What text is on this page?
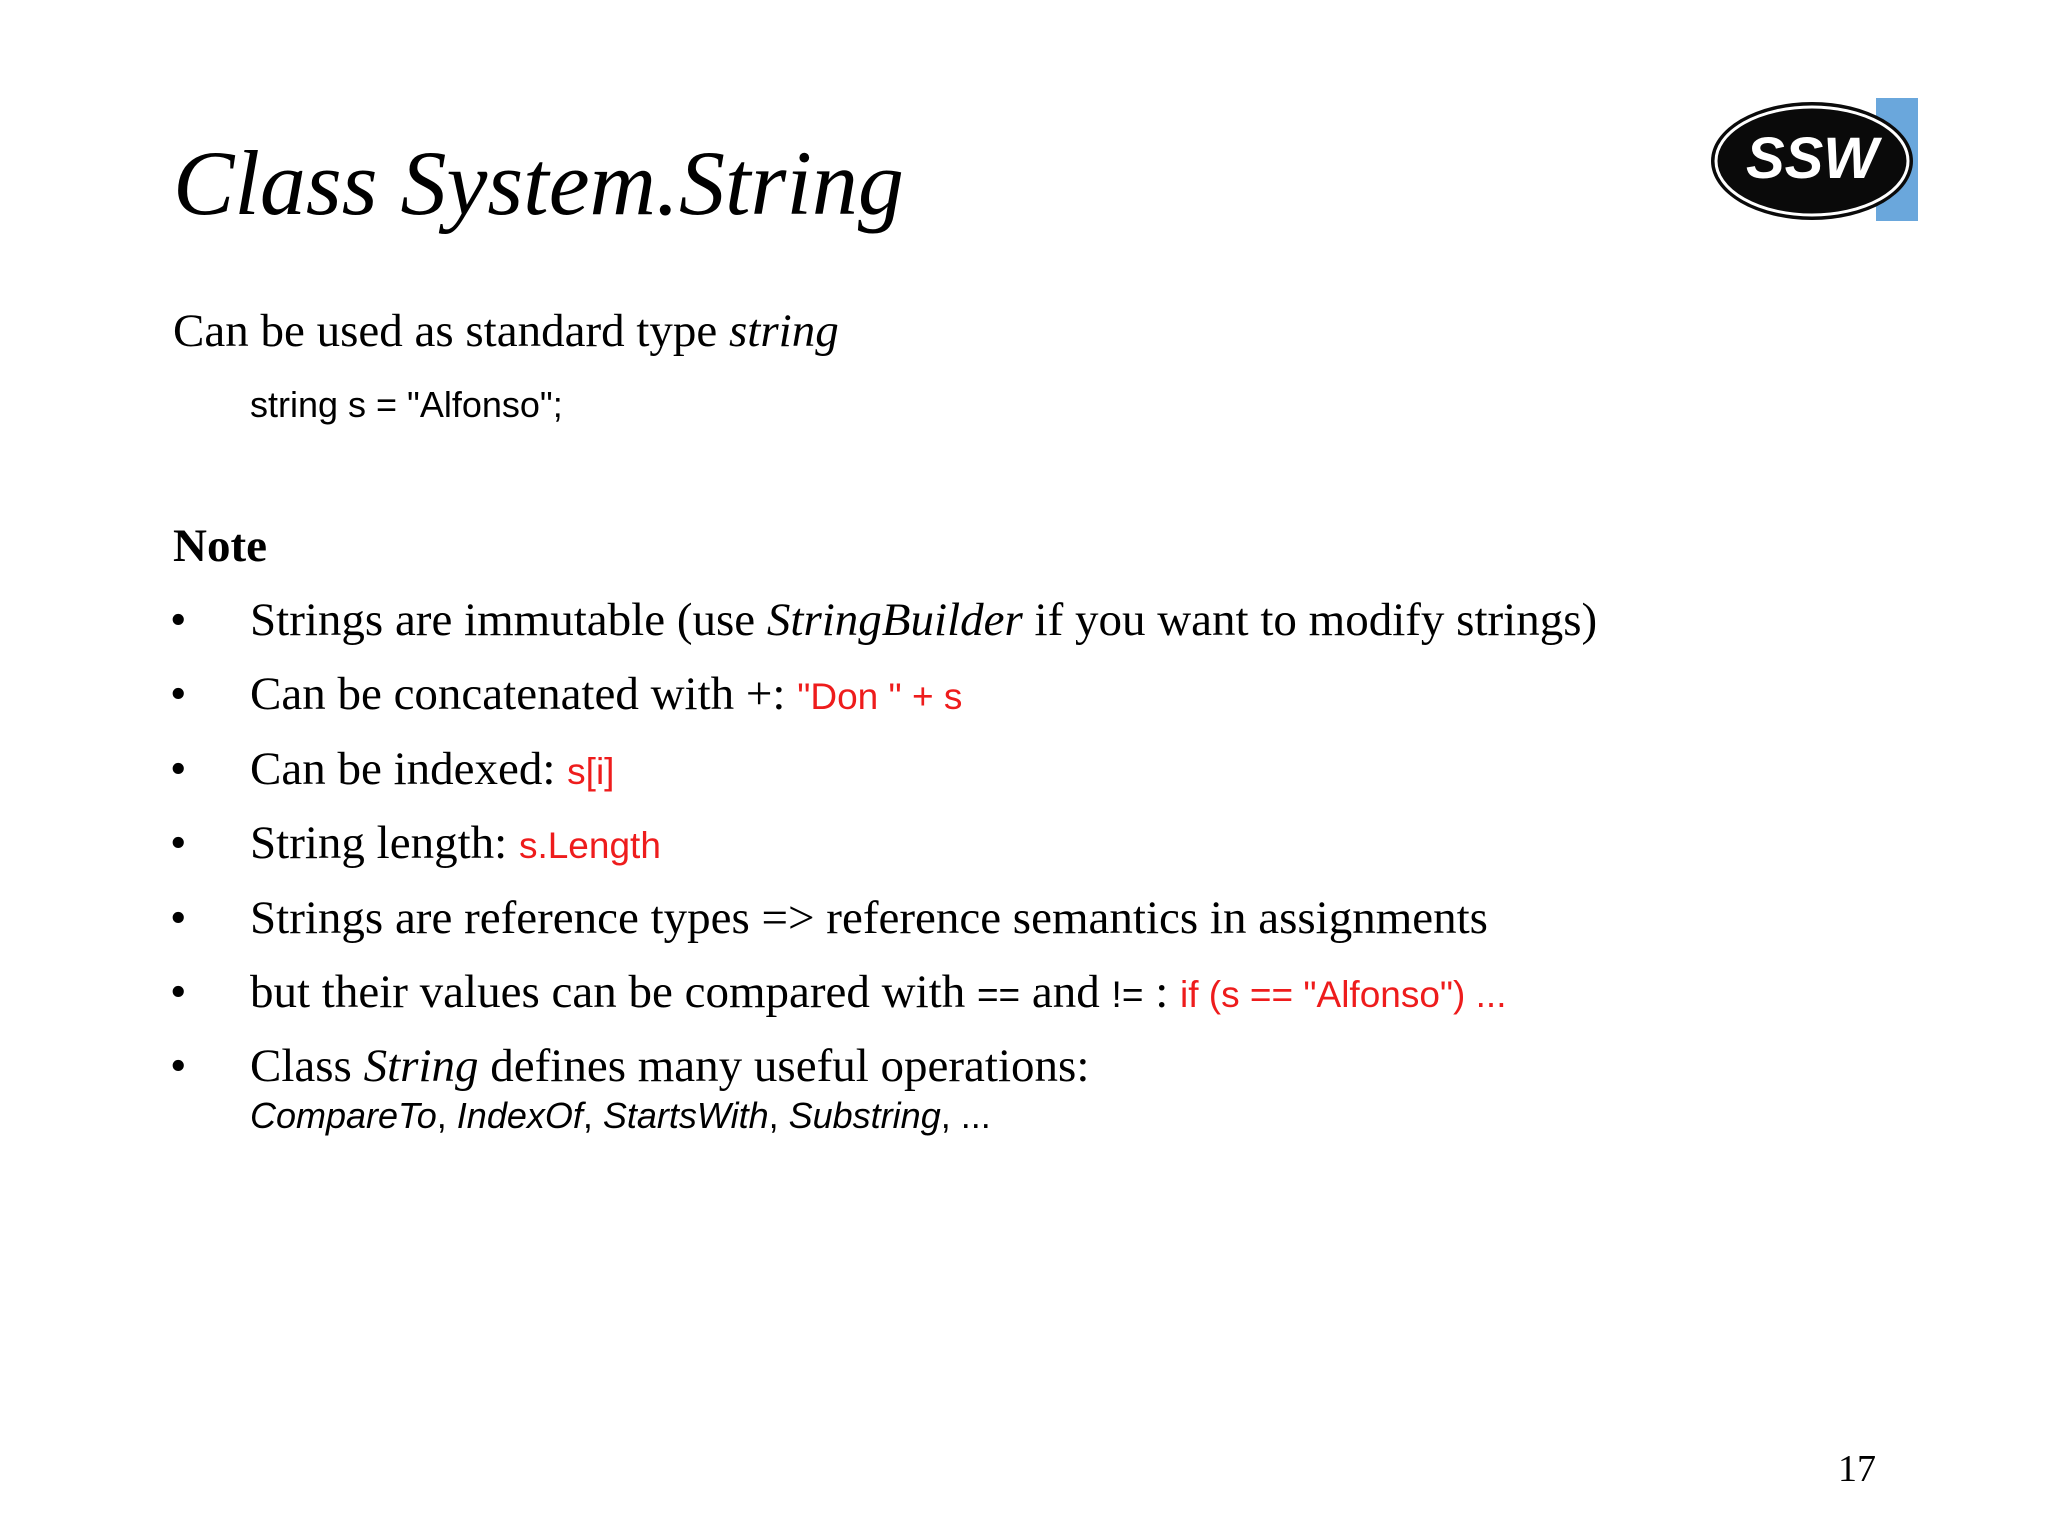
Class System.String	SSW
Can be used as standard type string
string s = "Alfonso";
Note
• Strings are immutable (use StringBuilder if you want to modify strings)
• Can be concatenated with +: "Don " + s
• Can be indexed: s[i]
• String length: s.Length
• Strings are reference types => reference semantics in assignments
• but their values can be compared with == and != : if (s == "Alfonso") ...
• Class String defines many useful operations:
CompareTo, IndexOf, StartsWith, Substring, ...
17
